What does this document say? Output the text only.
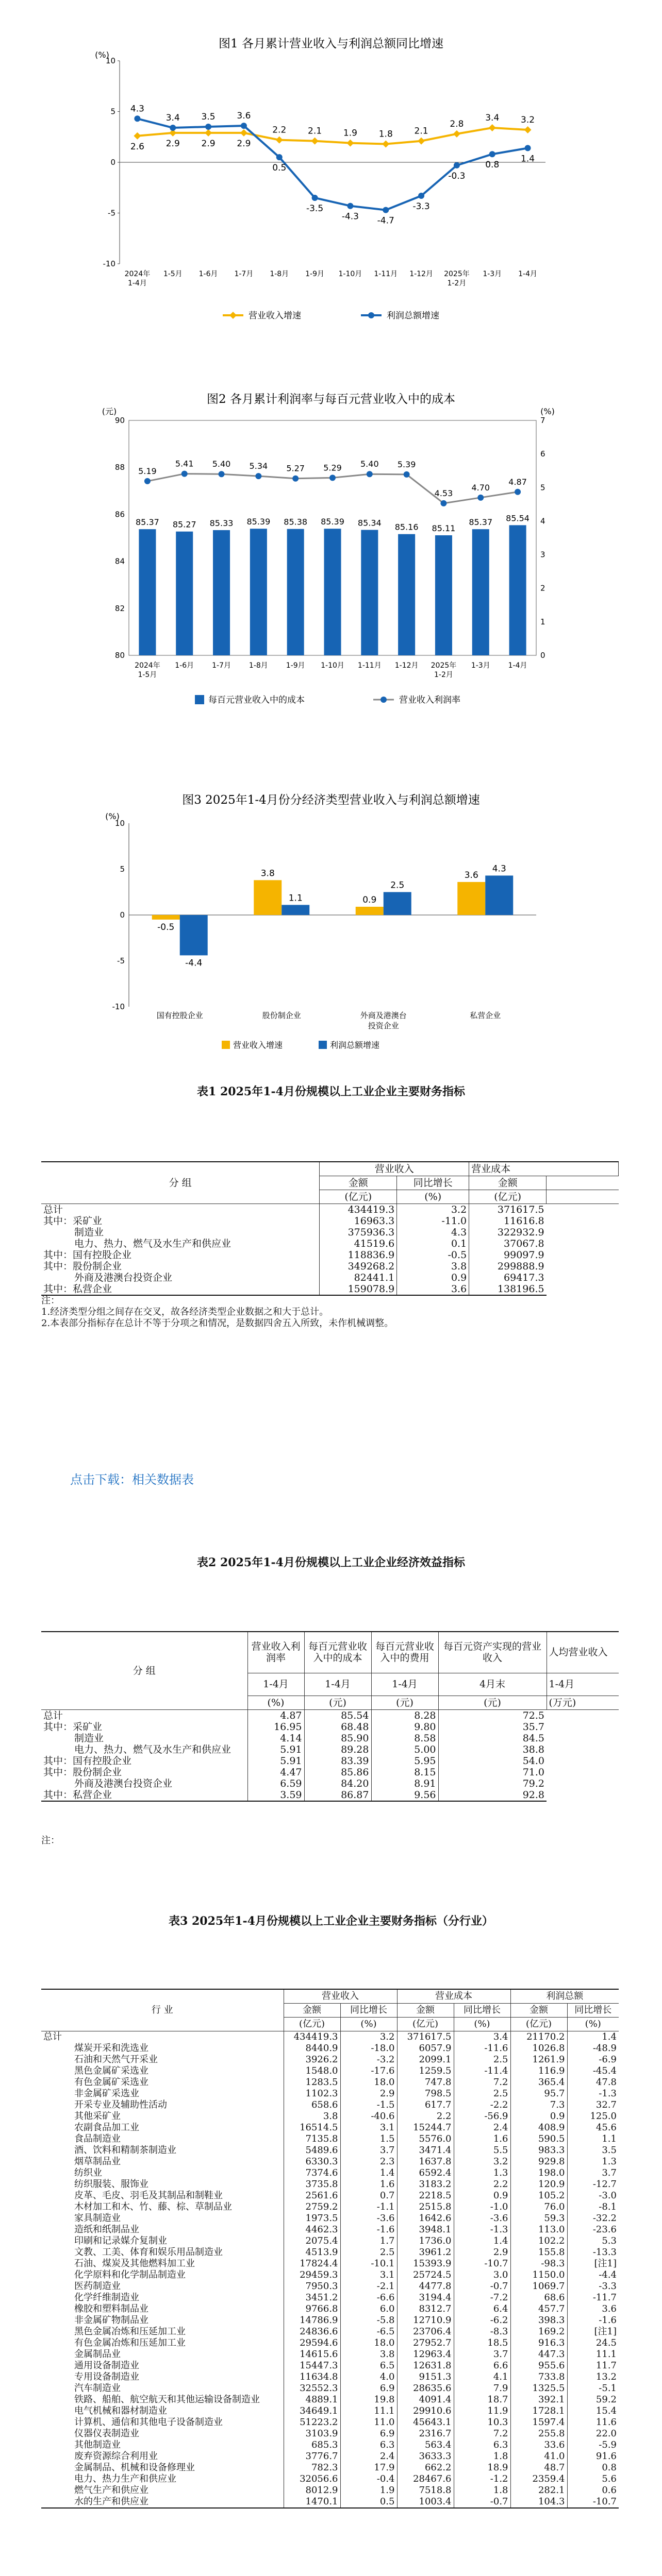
图1 各月累计营业收入与利润总额同比增速
(%)
-10
-5
0
5
10
2024年
1-4月
1-5月 1-6月 1-7月 1-8月 1-9月 1-10月 1-11月 1-12月 2025年
1-2月
1-3月 1-4月
2.6 2.9 2.9 2.9
2.2 2.1 1.9 1.8 2.1
2.8
3.4 3.2
4.3
3.4 3.5 3.6
0.5
-3.5
-4.3 -4.7
-3.3
-0.3
0.8
1.4
营业收入增速	利润总额增速
图2 各月累计利润率与每百元营业收入中的成本
(元)	(%)
80
82
84
86
88
90
0
1
2
3
4
5
6
7
85.37 85.27 85.33 85.39 85.38 85.39 85.34 85.16 85.11
85.37 85.54
5.19
5.41 5.40 5.34 5.27 5.29 5.40 5.39
4.53
4.70
4.87
2024年
1-5月
1-6月 1-7月 1-8月 1-9月 1-10月 1-11月 1-12月 2025年
1-2月
1-3月 1-4月
每百元营业收入中的成本	营业收入利润率
图3 2025年1-4月份分经济类型营业收入与利润总额增速
(%)
-10
-5
0
5
10
-0.5
3.8
0.9
3.6
-4.4
1.1
2.5
4.3
国有控股企业	股份制企业	外商及港澳台
投资企业
私营企业
营业收入增速	利润总额增速
表1 2025年1-4月份规模以上工业企业主要财务指标
分 组	营业收入		营业成本	
	金额	同比增长	金额	
	(亿元)	(%)	(亿元)	
总计	434419.3	3.2	371617.5	
其中：采矿业	16963.3	-11.0	11616.8	
制造业	375936.3	4.3	322932.9	
电力、热力、燃气及水生产和供应业	41519.6	0.1	37067.8	
其中：国有控股企业	118836.9	-0.5	99097.9	
其中：股份制企业	349268.2	3.8	299888.9	
外商及港澳台投资企业	82441.1	0.9	69417.3	
其中：私营企业	159078.9	3.6	138196.5	
注：
1.经济类型分组之间存在交叉，故各经济类型企业数据之和大于总计。
2.本表部分指标存在总计不等于分项之和情况，是数据四舍五入所致，未作机械调整。
点击下载：相关数据表
表2 2025年1-4月份规模以上工业企业经济效益指标
分 组	营业收入利润率	每百元营业收入中的成本	每百元营业收入中的费用	每百元资产实现的营业收入	人均营业收入
	1-4月	1-4月	1-4月	4月末	1-4月
	(%)	(元)	(元)	(元)	(万元)
总计	4.87	85.54	8.28	72.5	
其中：采矿业	16.95	68.48	9.80	35.7	
制造业	4.14	85.90	8.58	84.5	
电力、热力、燃气及水生产和供应业	5.91	89.28	5.00	38.8	
其中：国有控股企业	5.91	83.39	5.95	54.0	
其中：股份制企业	4.47	85.86	8.15	71.0	
外商及港澳台投资企业	6.59	84.20	8.91	79.2	
其中：私营企业	3.59	86.87	9.56	92.8	
注：
表3 2025年1-4月份规模以上工业企业主要财务指标（分行业）
行 业	营业收入		营业成本		利润总额	
	金额	同比增长	金额	同比增长	金额	同比增长
	(亿元)	(%)	(亿元)	(%)	(亿元)	(%)
总计	434419.3	3.2	371617.5	3.4	21170.2	1.4
煤炭开采和洗选业	8440.9	-18.0	6057.9	-11.6	1026.8	-48.9
石油和天然气开采业	3926.2	-3.2	2099.1	2.5	1261.9	-6.9
黑色金属矿采选业	1548.0	-17.6	1259.5	-11.4	116.9	-45.4
有色金属矿采选业	1283.5	18.0	747.8	7.2	365.4	47.8
非金属矿采选业	1102.3	2.9	798.5	2.5	95.7	-1.3
开采专业及辅助性活动	658.6	-1.5	617.7	-2.2	7.3	32.7
其他采矿业	3.8	-40.6	2.2	-56.9	0.9	125.0
农副食品加工业	16514.5	3.1	15244.7	2.4	408.9	45.6
食品制造业	7135.8	1.5	5576.0	1.6	590.5	1.1
酒、饮料和精制茶制造业	5489.6	3.7	3471.4	5.5	983.3	3.5
烟草制品业	6330.3	2.3	1637.8	3.2	929.8	1.3
纺织业	7374.6	1.4	6592.4	1.3	198.0	3.7
纺织服装、服饰业	3735.8	1.6	3183.2	2.2	120.9	-12.7
皮革、毛皮、羽毛及其制品和制鞋业	2561.6	0.7	2218.5	0.9	105.2	-3.0
木材加工和木、竹、藤、棕、草制品业	2759.2	-1.1	2515.8	-1.0	76.0	-8.1
家具制造业	1973.5	-3.6	1642.6	-3.6	59.3	-32.2
造纸和纸制品业	4462.3	-1.6	3948.1	-1.3	113.0	-23.6
印刷和记录媒介复制业	2075.4	1.7	1736.0	1.4	102.2	5.3
文教、工美、体育和娱乐用品制造业	4513.9	2.5	3961.2	2.9	155.8	-13.3
石油、煤炭及其他燃料加工业	17824.4	-10.1	15393.9	-10.7	-98.3	[注1]
化学原料和化学制品制造业	29459.3	3.1	25724.5	3.0	1150.0	-4.4
医药制造业	7950.3	-2.1	4477.8	-0.7	1069.7	-3.3
化学纤维制造业	3451.2	-6.6	3194.4	-7.2	68.6	-11.7
橡胶和塑料制品业	9766.8	6.0	8312.7	6.4	457.7	3.6
非金属矿物制品业	14786.9	-5.8	12710.9	-6.2	398.3	-1.6
黑色金属冶炼和压延加工业	24836.6	-6.5	23706.4	-8.3	169.2	[注1]
有色金属冶炼和压延加工业	29594.6	18.0	27952.7	18.5	916.3	24.5
金属制品业	14615.6	3.8	12963.4	3.7	447.3	11.1
通用设备制造业	15447.3	6.5	12631.8	6.6	955.6	11.7
专用设备制造业	11634.8	4.0	9151.3	4.1	733.8	13.2
汽车制造业	32552.3	6.9	28635.6	7.9	1325.5	-5.1
铁路、船舶、航空航天和其他运输设备制造业	4889.1	19.8	4091.4	18.7	392.1	59.2
电气机械和器材制造业	34649.1	11.1	29910.6	11.9	1728.1	15.4
计算机、通信和其他电子设备制造业	51223.2	11.0	45643.1	10.3	1597.4	11.6
仪器仪表制造业	3103.9	6.9	2316.7	7.2	255.8	22.0
其他制造业	685.3	6.3	563.4	6.3	33.6	-5.9
废弃资源综合利用业	3776.7	2.4	3633.3	1.8	41.0	91.6
金属制品、机械和设备修理业	782.3	17.9	662.2	18.9	48.7	0.8
电力、热力生产和供应业	32056.6	-0.4	28467.6	-1.2	2359.4	5.6
燃气生产和供应业	8012.9	1.9	7518.8	1.8	282.1	0.6
水的生产和供应业	1470.1	0.5	1003.4	-0.7	104.3	-10.7
